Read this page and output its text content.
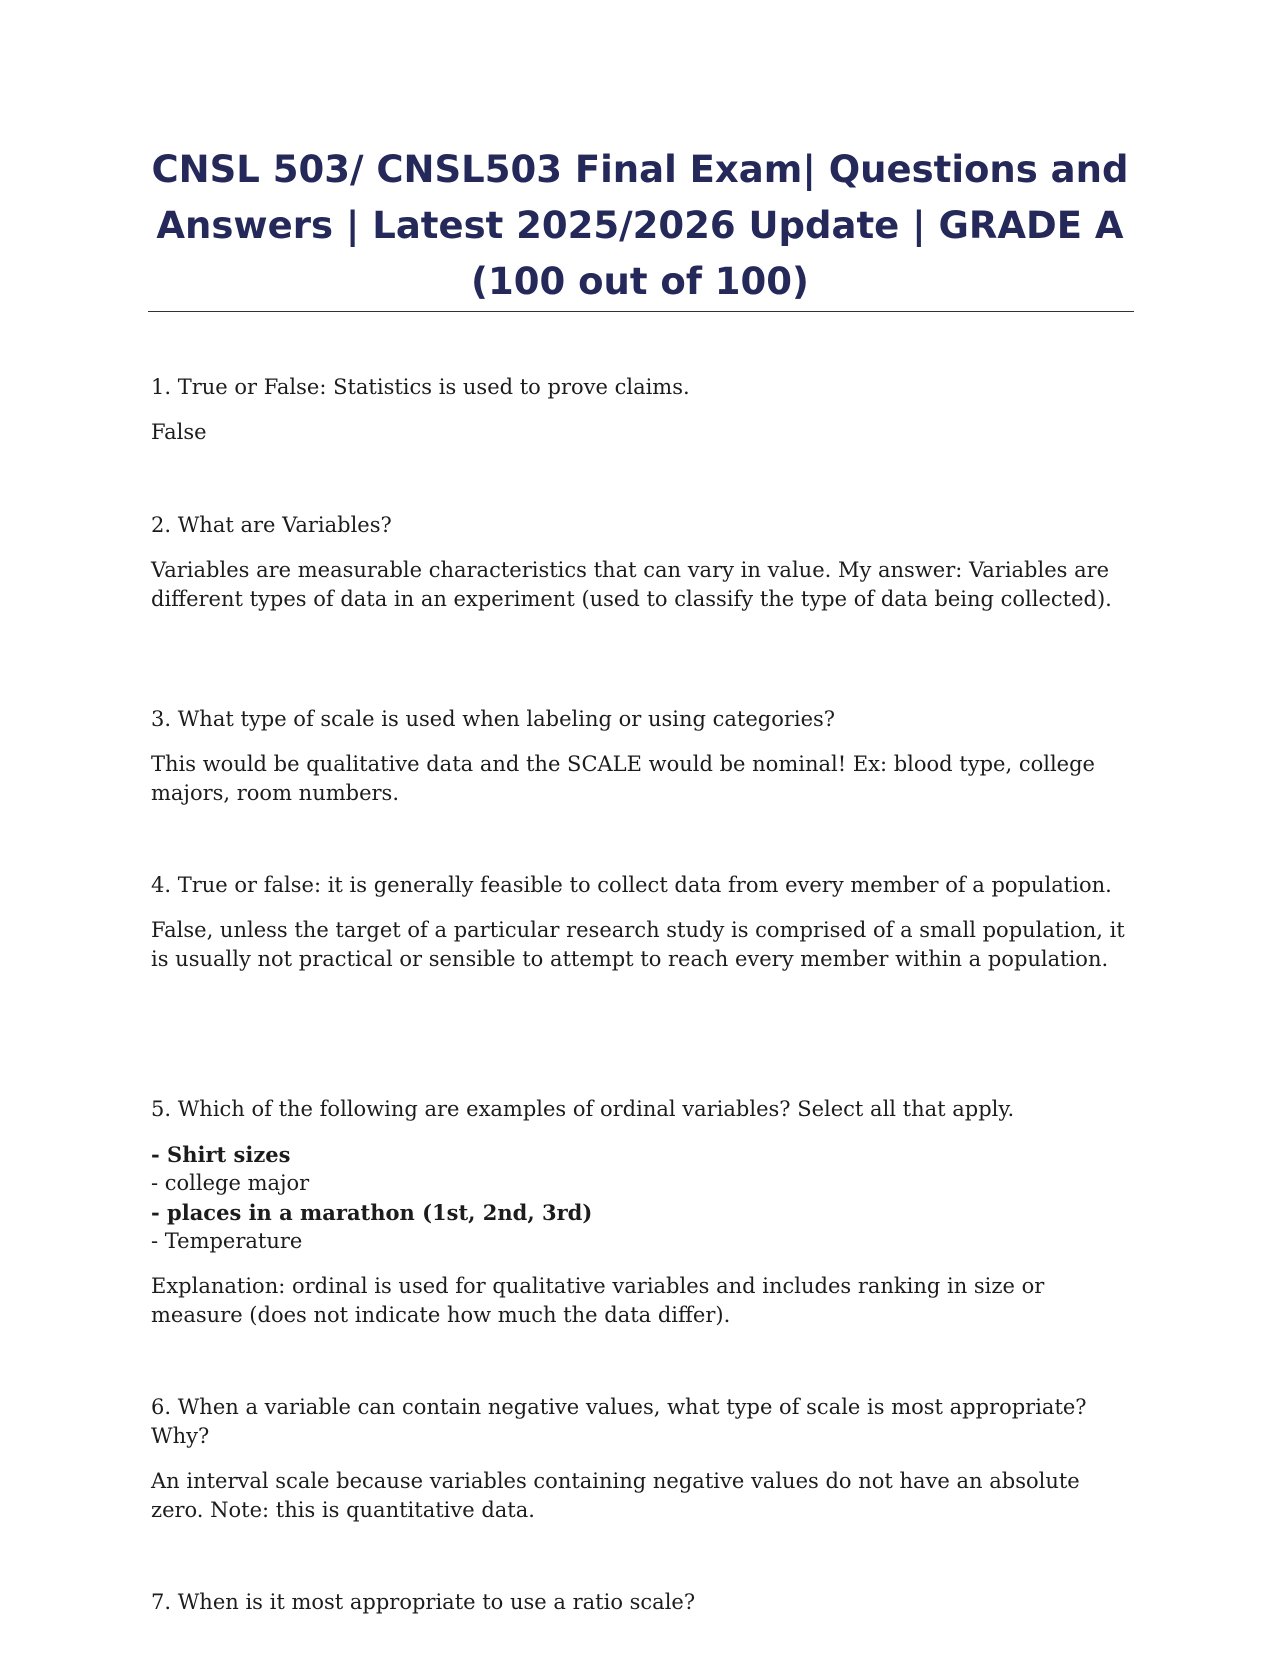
CNSL 503/ CNSL503 Final Exam| Questions and Answers | Latest 2025/2026 Update | GRADE A (100 out of 100)

1. True or False: Statistics is used to prove claims.

False

2. What are Variables?

Variables are measurable characteristics that can vary in value. My answer: Variables are different types of data in an experiment (used to classify the type of data being collected).

3. What type of scale is used when labeling or using categories?

This would be qualitative data and the SCALE would be nominal! Ex: blood type, college majors, room numbers.

4. True or false: it is generally feasible to collect data from every member of a population.

False, unless the target of a particular research study is comprised of a small population, it is usually not practical or sensible to attempt to reach every member within a population.

5. Which of the following are examples of ordinal variables? Select all that apply.

- Shirt sizes
- college major
- places in a marathon (1st, 2nd, 3rd)
- Temperature

Explanation: ordinal is used for qualitative variables and includes ranking in size or measure (does not indicate how much the data differ).

6. When a variable can contain negative values, what type of scale is most appropriate? Why?

An interval scale because variables containing negative values do not have an absolute zero. Note: this is quantitative data.

7. When is it most appropriate to use a ratio scale?
